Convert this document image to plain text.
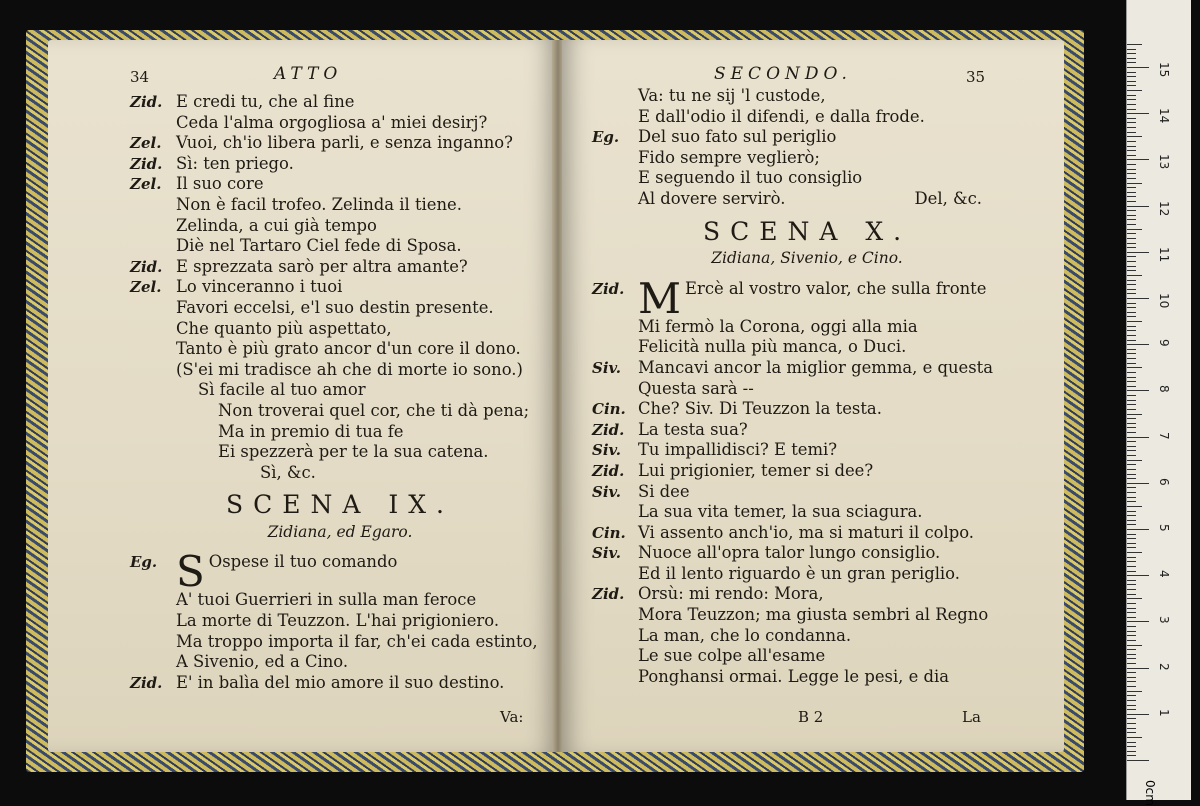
34	ATTO
Zid. E credi tu, che al fine
Ceda l'alma orgogliosa a' miei desirj?
Zel. Vuoi, ch'io libera parli, e senza inganno?
Zid. Sì: ten priego.
Zel. Il suo core
Non è facil trofeo. Zelinda il tiene.
Zelinda, a cui già tempo
Diè nel Tartaro Ciel fede di Sposa.
Zid. E sprezzata sarò per altra amante?
Zel. Lo vinceranno i tuoi
Favori eccelsi, e'l suo destin presente.
Che quanto più aspettato,
Tanto è più grato ancor d'un core il dono.
(S'ei mi tradisce ah che di morte io sono.)
Sì facile al tuo amor
Non troverai quel cor, che ti dà pena;
Ma in premio di tua fe
Ei spezzerà per te la sua catena.
Sì, &c.
SCENA IX.
Zidiana, ed Egaro.
Eg. S Ospese il tuo comando
A' tuoi Guerrieri in sulla man feroce
La morte di Teuzzon. L'hai prigioniero.
Ma troppo importa il far, ch'ei cada estinto,
A Sivenio, ed a Cino.
Zid. E' in balìa del mio amore il suo destino.
Va:
SECONDO.	35
Va: tu ne sij 'l custode,
E dall'odio il difendi, e dalla frode.
Eg.	Del suo fato sul periglio
Fido sempre veglierò;
E seguendo il tuo consiglio
Al dovere servirò.	Del, &c.
SCENA X.
Zidiana, Sivenio, e Cino.
Zid. M Ercè al vostro valor, che sulla fronte
Mi fermò la Corona, oggi alla mia
Felicità nulla più manca, o Duci.
Siv.	Mancavi ancor la miglior gemma, e questa
Questa sarà --
Cin. Che? Siv. Di Teuzzon la testa.
Zid. La testa sua?
Siv.	Tu impallidisci? E temi?
Zid. Lui prigionier, temer si dee?
Siv.	Si dee
La sua vita temer, la sua sciagura.
Cin. Vi assento anch'io, ma si maturi il colpo.
Siv.	Nuoce all'opra talor lungo consiglio.
Ed il lento riguardo è un gran periglio.
Zid. Orsù: mi rendo: Mora,
Mora Teuzzon; ma giusta sembri al Regno
La man, che lo condanna.
Le sue colpe all'esame
Ponghansi ormai. Legge le pesi, e dia
B 2	La
0cm
1
2
3
4
5
6
7
8
9
10
11
12
13
14
15
